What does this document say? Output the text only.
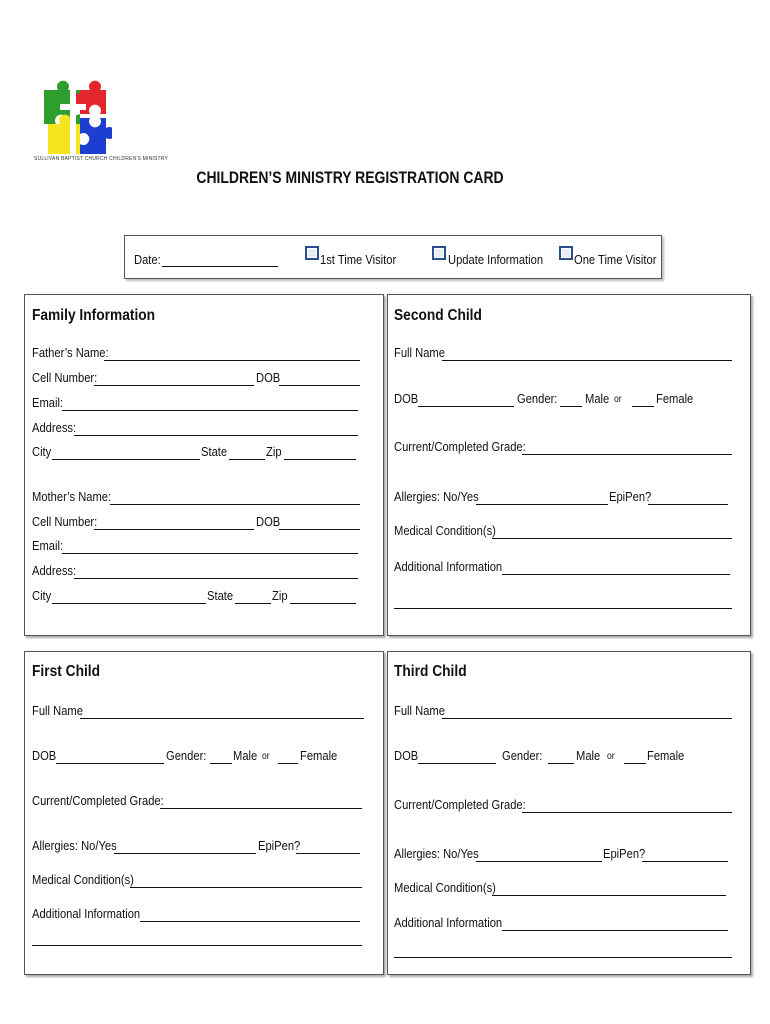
SULLIVAN BAPTIST CHURCH CHILDREN'S MINISTRY
CHILDREN’S MINISTRY REGISTRATION CARD
Date:	1st Time Visitor	Update Information One Time Visitor
Family Information
Father’s Name:
Cell Number:	DOB
Email:
Address:
City	State	Zip
Mother’s Name:
Cell Number:	DOB
Email:
Address:
City	State	Zip
Second Child
Full Name
DOB	Gender: Male or	Female
Current/Completed Grade:
Allergies: No/Yes	EpiPen?
Medical Condition(s)
Additional Information
First Child
Full Name
DOB	Gender: Male or Female
Current/Completed Grade:
Allergies: No/Yes	EpiPen?
Medical Condition(s)
Additional Information
Third Child
Full Name
DOB	Gender:	Male or Female
Current/Completed Grade:
Allergies: No/Yes	EpiPen?
Medical Condition(s)
Additional Information
